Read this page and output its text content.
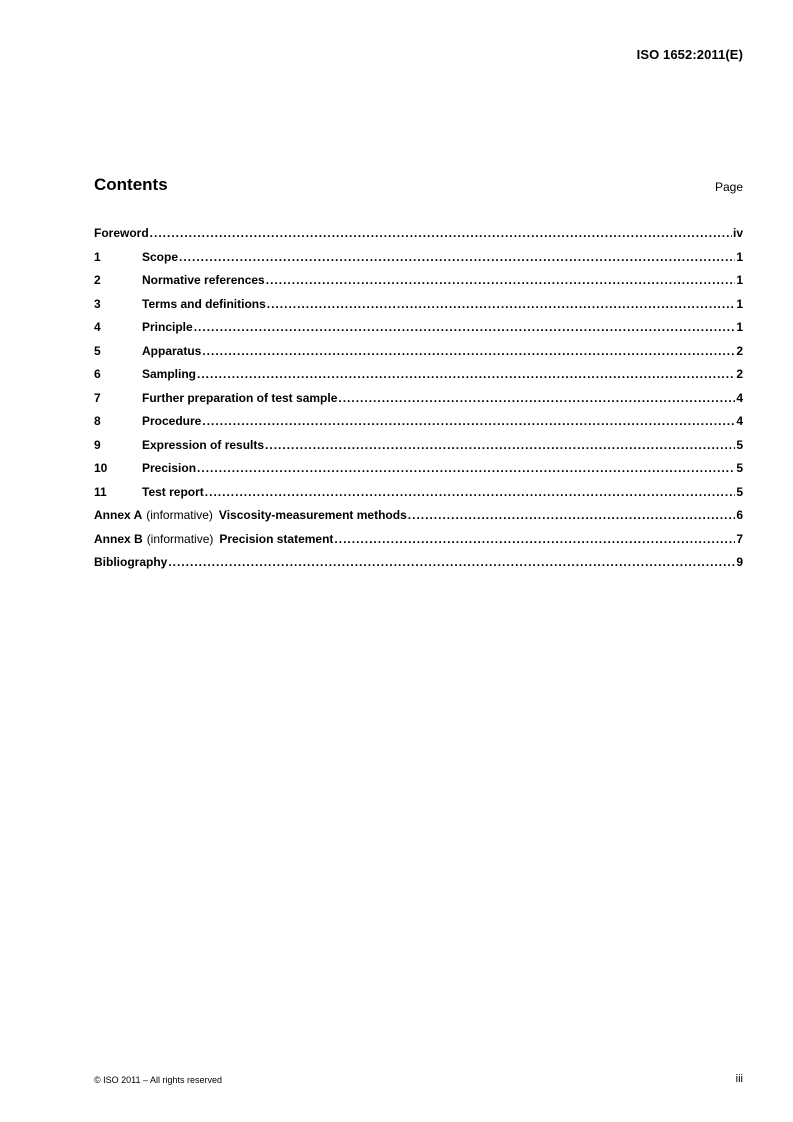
ISO 1652:2011(E)
Contents	Page
Foreword .....	iv
1	Scope .....	1
2	Normative references .....	1
3	Terms and definitions .....	1
4	Principle .....	1
5	Apparatus .....	2
6	Sampling .....	2
7	Further preparation of test sample .....	4
8	Procedure .....	4
9	Expression of results .....	5
10	Precision .....	5
11	Test report .....	5
Annex A (informative) Viscosity-measurement methods .....	6
Annex B (informative) Precision statement .....	7
Bibliography .....	9
© ISO 2011 – All rights reserved	iii
